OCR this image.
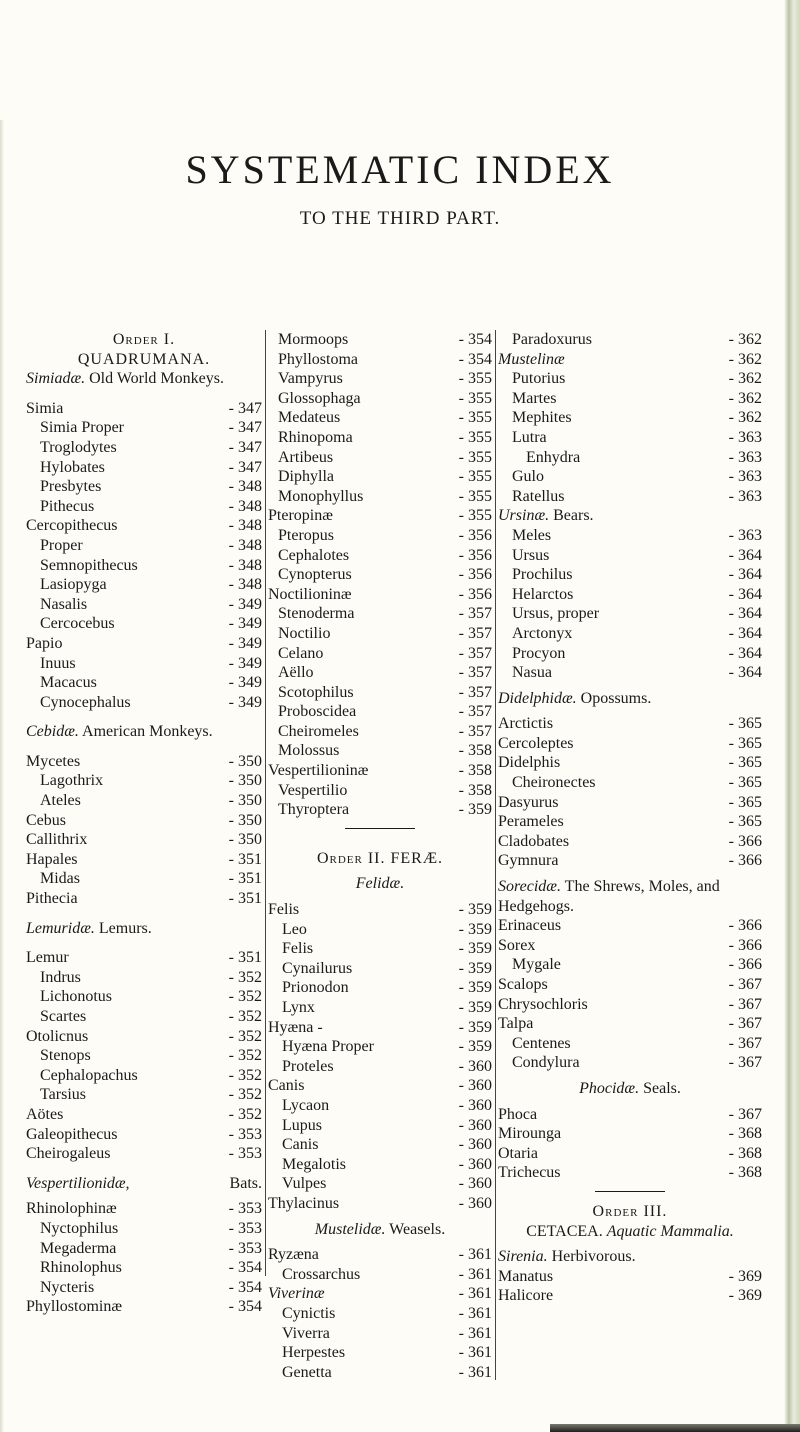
SYSTEMATIC INDEX
TO THE THIRD PART.
Order I.
QUADRUMANA.
Simiadæ. Old World Monkeys.
Simia	- 347
Simia Proper	- 347
Troglodytes	- 347
Hylobates	- 347
Presbytes	- 348
Pithecus	- 348
Cercopithecus	- 348
Proper	- 348
Semnopithecus	- 348
Lasiopyga	- 348
Nasalis	- 349
Cercocebus	- 349
Papio	- 349
Inuus	- 349
Macacus	- 349
Cynocephalus	- 349
Cebidæ. American Monkeys.
Mycetes	- 350
Lagothrix	- 350
Ateles	- 350
Cebus	- 350
Callithrix	- 350
Hapales	- 351
Midas	- 351
Pithecia	- 351
Lemuridæ. Lemurs.
Lemur	- 351
Indrus	- 352
Lichonotus	- 352
Scartes	- 352
Otolicnus	- 352
Stenops	- 352
Cephalopachus	- 352
Tarsius	- 352
Aötes	- 352
Galeopithecus	- 353
Cheirogaleus	- 353
Vespertilionidæ,	Bats.
Rhinolophinæ	- 353
Nyctophilus	- 353
Megaderma	- 353
Rhinolophus	- 354
Nycteris	- 354
Phyllostominæ	- 354
Mormoops	- 354
Phyllostoma	- 354
Vampyrus	- 355
Glossophaga	- 355
Medateus	- 355
Rhinopoma	- 355
Artibeus	- 355
Diphylla	- 355
Monophyllus	- 355
Pteropinæ	- 355
Pteropus	- 356
Cephalotes	- 356
Cynopterus	- 356
Noctilioninæ	- 356
Stenoderma	- 357
Noctilio	- 357
Celano	- 357
Aëllo	- 357
Scotophilus	- 357
Proboscidea	- 357
Cheiromeles	- 357
Molossus	- 358
Vespertilioninæ	- 358
Vespertilio	- 358
Thyroptera	- 359
Order II. FERÆ.
Felidæ.
Felis	- 359
Leo	- 359
Felis	- 359
Cynailurus	- 359
Prionodon	- 359
Lynx	- 359
Hyæna -	- 359
Hyæna Proper	- 359
Proteles	- 360
Canis	- 360
Lycaon	- 360
Lupus	- 360
Canis	- 360
Megalotis	- 360
Vulpes	- 360
Thylacinus	- 360
Mustelidæ. Weasels.
Ryzæna	- 361
Crossarchus	- 361
Viverinæ	- 361
Cynictis	- 361
Viverra	- 361
Herpestes	- 361
Genetta	- 361
Paradoxurus	- 362
Mustelinæ	- 362
Putorius	- 362
Martes	- 362
Mephites	- 362
Lutra	- 363
Enhydra	- 363
Gulo	- 363
Ratellus	- 363
Ursinæ. Bears.
Meles	- 363
Ursus	- 364
Prochilus	- 364
Helarctos	- 364
Ursus, proper	- 364
Arctonyx	- 364
Procyon	- 364
Nasua	- 364
Didelphidæ. Opossums.
Arctictis	- 365
Cercoleptes	- 365
Didelphis	- 365
Cheironectes	- 365
Dasyurus	- 365
Perameles	- 365
Cladobates	- 366
Gymnura	- 366
Sorecidæ. The Shrews, Moles, and Hedgehogs.
Erinaceus	- 366
Sorex	- 366
Mygale	- 366
Scalops	- 367
Chrysochloris	- 367
Talpa	- 367
Centenes	- 367
Condylura	- 367
Phocidæ. Seals.
Phoca	- 367
Mirounga	- 368
Otaria	- 368
Trichecus	- 368
Order III.
CETACEA. Aquatic Mammalia.
Sirenia. Herbivorous.
Manatus	- 369
Halicore	- 369
